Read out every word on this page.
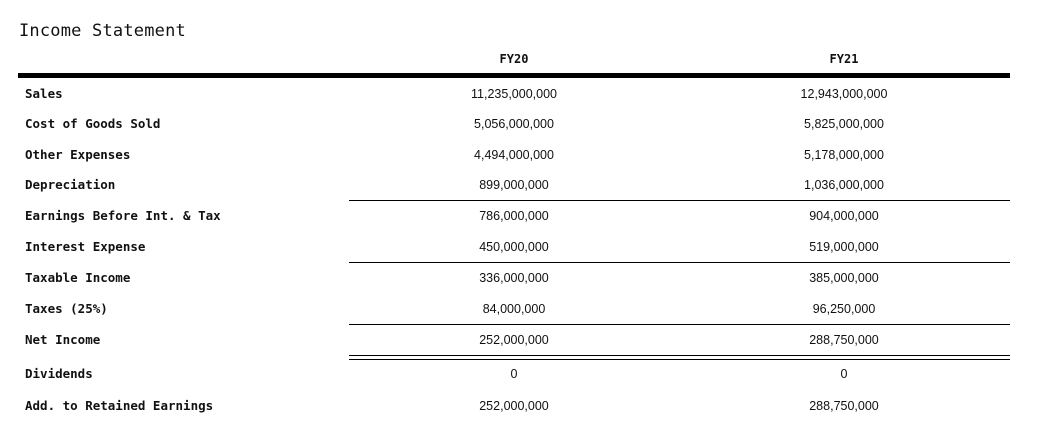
Income Statement
FY20	FY21
Sales	11,235,000,000	12,943,000,000
Cost of Goods Sold	5,056,000,000	5,825,000,000
Other Expenses	4,494,000,000	5,178,000,000
Depreciation	899,000,000	1,036,000,000
Earnings Before Int. & Tax	786,000,000	904,000,000
Interest Expense	450,000,000	519,000,000
Taxable Income	336,000,000	385,000,000
Taxes (25%)	84,000,000	96,250,000
Net Income	252,000,000	288,750,000
Dividends	0	0
Add. to Retained Earnings	252,000,000	288,750,000
